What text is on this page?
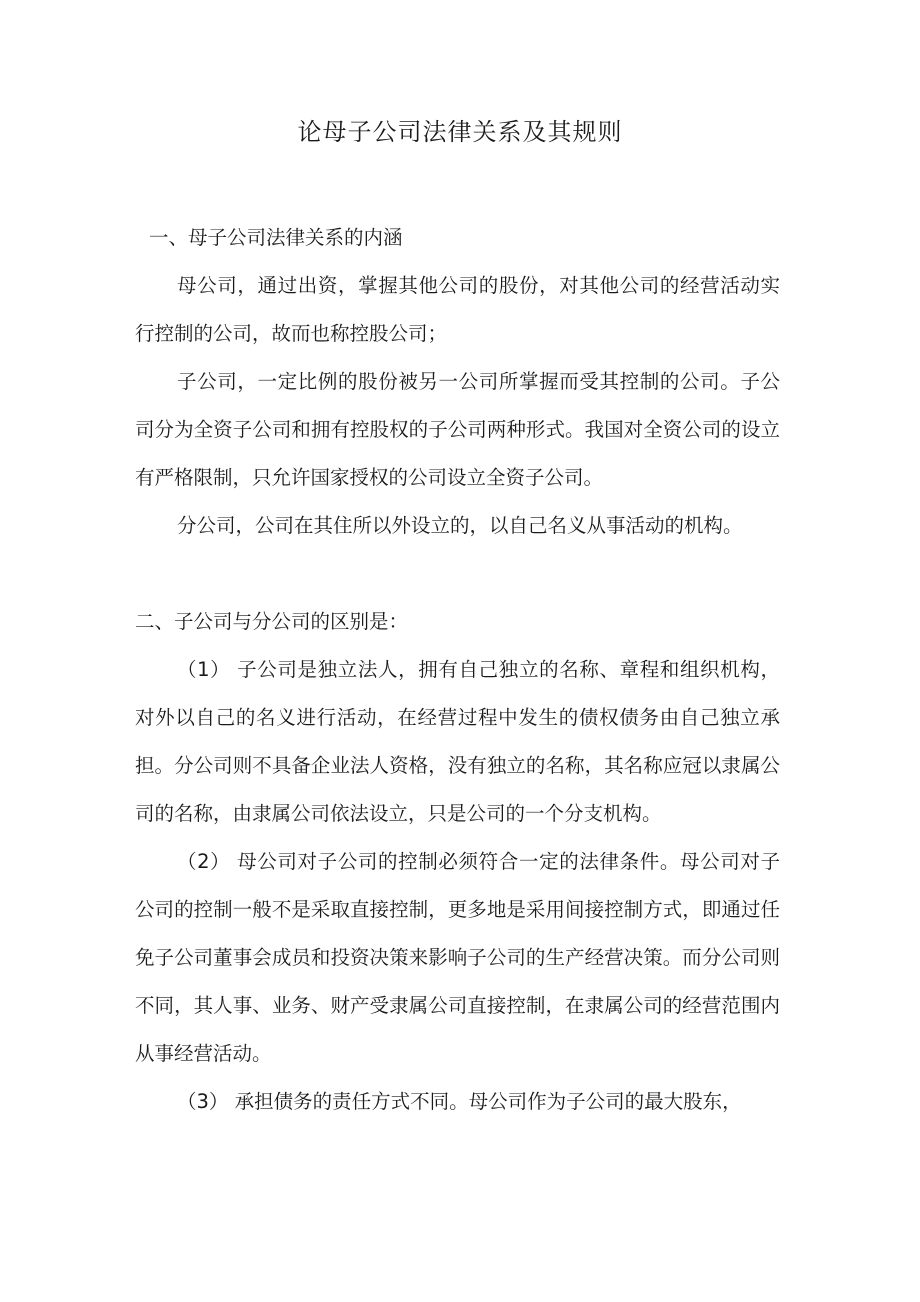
论母子公司法律关系及其规则

一、母子公司法律关系的内涵

母公司，通过出资，掌握其他公司的股份，对其他公司的经营活动实行控制的公司，故而也称控股公司；

子公司，一定比例的股份被另一公司所掌握而受其控制的公司。子公司分为全资子公司和拥有控股权的子公司两种形式。我国对全资公司的设立有严格限制，只允许国家授权的公司设立全资子公司。

分公司，公司在其住所以外设立的，以自己名义从事活动的机构。

二、子公司与分公司的区别是：

（1） 子公司是独立法人，拥有自己独立的名称、章程和组织机构，对外以自己的名义进行活动，在经营过程中发生的债权债务由自己独立承担。分公司则不具备企业法人资格，没有独立的名称，其名称应冠以隶属公司的名称，由隶属公司依法设立，只是公司的一个分支机构。

（2） 母公司对子公司的控制必须符合一定的法律条件。母公司对子公司的控制一般不是采取直接控制，更多地是采用间接控制方式，即通过任免子公司董事会成员和投资决策来影响子公司的生产经营决策。而分公司则不同，其人事、业务、财产受隶属公司直接控制，在隶属公司的经营范围内从事经营活动。

（3） 承担债务的责任方式不同。母公司作为子公司的最大股东，
